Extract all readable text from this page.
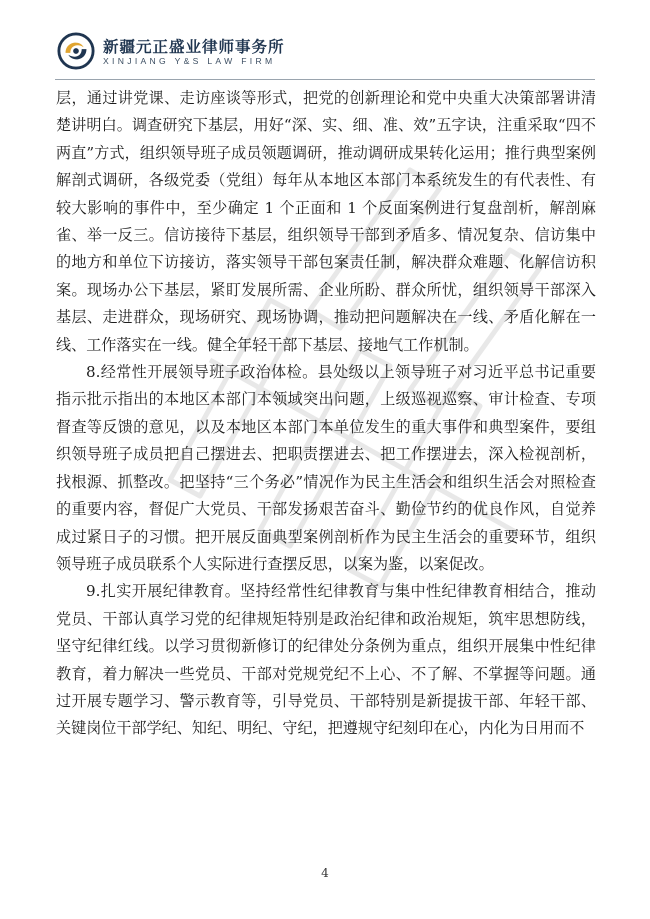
新疆元正盛业律师事务所
XINJIANG Y&S LAW FIRM

层，通过讲党课、走访座谈等形式，把党的创新理论和党中央重大决策部署讲清楚讲明白。调查研究下基层，用好“深、实、细、准、效”五字诀，注重采取“四不两直”方式，组织领导班子成员领题调研，推动调研成果转化运用；推行典型案例解剖式调研，各级党委（党组）每年从本地区本部门本系统发生的有代表性、有较大影响的事件中，至少确定 1 个正面和 1 个反面案例进行复盘剖析，解剖麻雀、举一反三。信访接待下基层，组织领导干部到矛盾多、情况复杂、信访集中的地方和单位下访接访，落实领导干部包案责任制，解决群众难题、化解信访积案。现场办公下基层，紧盯发展所需、企业所盼、群众所忧，组织领导干部深入基层、走进群众，现场研究、现场协调，推动把问题解决在一线、矛盾化解在一线、工作落实在一线。健全年轻干部下基层、接地气工作机制。

8.经常性开展领导班子政治体检。县处级以上领导班子对习近平总书记重要指示批示指出的本地区本部门本领域突出问题，上级巡视巡察、审计检查、专项督查等反馈的意见，以及本地区本部门本单位发生的重大事件和典型案件，要组织领导班子成员把自己摆进去、把职责摆进去、把工作摆进去，深入检视剖析，找根源、抓整改。把坚持“三个务必”情况作为民主生活会和组织生活会对照检查的重要内容，督促广大党员、干部发扬艰苦奋斗、勤俭节约的优良作风，自觉养成过紧日子的习惯。把开展反面典型案例剖析作为民主生活会的重要环节，组织领导班子成员联系个人实际进行查摆反思，以案为鉴，以案促改。

9.扎实开展纪律教育。坚持经常性纪律教育与集中性纪律教育相结合，推动党员、干部认真学习党的纪律规矩特别是政治纪律和政治规矩，筑牢思想防线，坚守纪律红线。以学习贯彻新修订的纪律处分条例为重点，组织开展集中性纪律教育，着力解决一些党员、干部对党规党纪不上心、不了解、不掌握等问题。通过开展专题学习、警示教育等，引导党员、干部特别是新提拔干部、年轻干部、关键岗位干部学纪、知纪、明纪、守纪，把遵规守纪刻印在心，内化为日用而不

4
